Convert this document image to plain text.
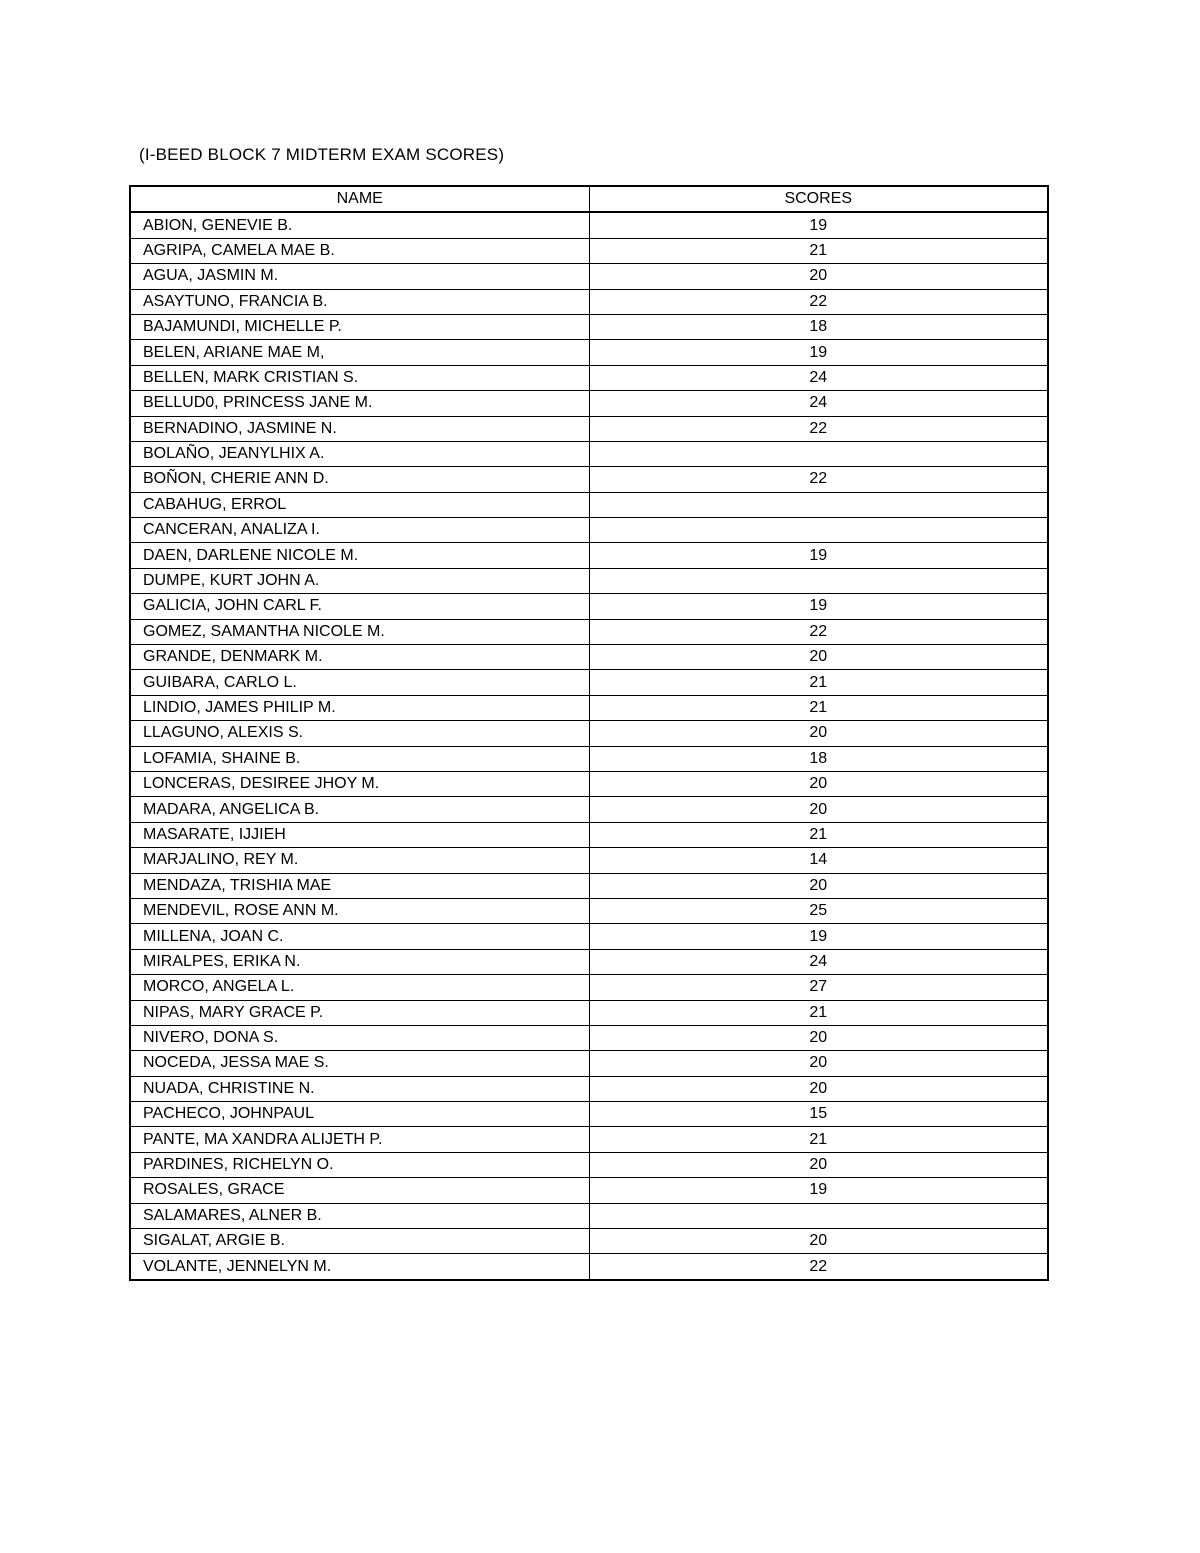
(I-BEED BLOCK 7 MIDTERM EXAM SCORES)
NAME	SCORES
ABION, GENEVIE B.	19
AGRIPA, CAMELA MAE B.	21
AGUA, JASMIN M.	20
ASAYTUNO, FRANCIA B.	22
BAJAMUNDI, MICHELLE P.	18
BELEN, ARIANE MAE M,	19
BELLEN, MARK CRISTIAN S.	24
BELLUD0, PRINCESS JANE M.	24
BERNADINO, JASMINE N.	22
BOLAÑO, JEANYLHIX A.	
BOÑON, CHERIE ANN D.	22
CABAHUG, ERROL	
CANCERAN, ANALIZA I.	
DAEN, DARLENE NICOLE M.	19
DUMPE, KURT JOHN A.	
GALICIA, JOHN CARL F.	19
GOMEZ, SAMANTHA NICOLE M.	22
GRANDE, DENMARK M.	20
GUIBARA, CARLO L.	21
LINDIO, JAMES PHILIP M.	21
LLAGUNO, ALEXIS S.	20
LOFAMIA, SHAINE B.	18
LONCERAS, DESIREE JHOY M.	20
MADARA, ANGELICA B.	20
MASARATE, IJJIEH	21
MARJALINO, REY M.	14
MENDAZA, TRISHIA MAE	20
MENDEVIL, ROSE ANN M.	25
MILLENA, JOAN C.	19
MIRALPES, ERIKA N.	24
MORCO, ANGELA L.	27
NIPAS, MARY GRACE P.	21
NIVERO, DONA S.	20
NOCEDA, JESSA MAE S.	20
NUADA, CHRISTINE N.	20
PACHECO, JOHNPAUL	15
PANTE, MA XANDRA ALIJETH P.	21
PARDINES, RICHELYN O.	20
ROSALES, GRACE	19
SALAMARES, ALNER B.	
SIGALAT, ARGIE B.	20
VOLANTE, JENNELYN M.	22
